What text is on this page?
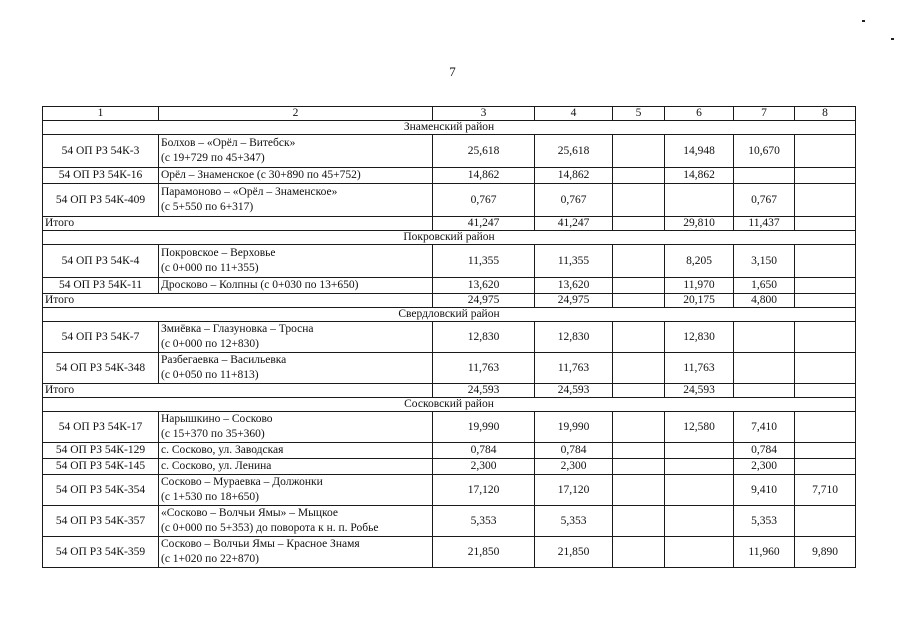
7
1	2	3	4	5	6	7	8
Знаменский район							
54 ОП РЗ 54К-3	Болхов – «Орёл – Витебск»
(с 19+729 по 45+347)	25,618	25,618		14,948	10,670	
54 ОП РЗ 54К-16	Орёл – Знаменское (с 30+890 по 45+752)	14,862	14,862		14,862		
54 ОП РЗ 54К-409	Парамоново – «Орёл – Знаменское»
(с 5+550 по 6+317)	0,767	0,767			0,767	
Итого		41,247	41,247		29,810	11,437	
Покровский район							
54 ОП РЗ 54К-4	Покровское – Верховье
(с 0+000 по 11+355)	11,355	11,355		8,205	3,150	
54 ОП РЗ 54К-11	Дросково – Колпны (с 0+030 по 13+650)	13,620	13,620		11,970	1,650	
Итого		24,975	24,975		20,175	4,800	
Свердловский район							
54 ОП РЗ 54К-7	Змиёвка – Глазуновка – Тросна
(с 0+000 по 12+830)	12,830	12,830		12,830		
54 ОП РЗ 54К-348	Разбегаевка – Васильевка
(с 0+050 по 11+813)	11,763	11,763		11,763		
Итого		24,593	24,593		24,593		
Сосковский район							
54 ОП РЗ 54К-17	Нарышкино – Сосково
(с 15+370 по 35+360)	19,990	19,990		12,580	7,410	
54 ОП РЗ 54К-129	с. Сосково, ул. Заводская	0,784	0,784			0,784	
54 ОП РЗ 54К-145	с. Сосково, ул. Ленина	2,300	2,300			2,300	
54 ОП РЗ 54К-354	Сосково – Мураевка – Должонки
(с 1+530 по 18+650)	17,120	17,120			9,410	7,710
54 ОП РЗ 54К-357	«Сосково – Волчьи Ямы» – Мыцкое
(с 0+000 по 5+353) до поворота к н. п. Робье	5,353	5,353			5,353	
54 ОП РЗ 54К-359	Сосково – Волчьи Ямы – Красное Знамя
(с 1+020 по 22+870)	21,850	21,850			11,960	9,890
